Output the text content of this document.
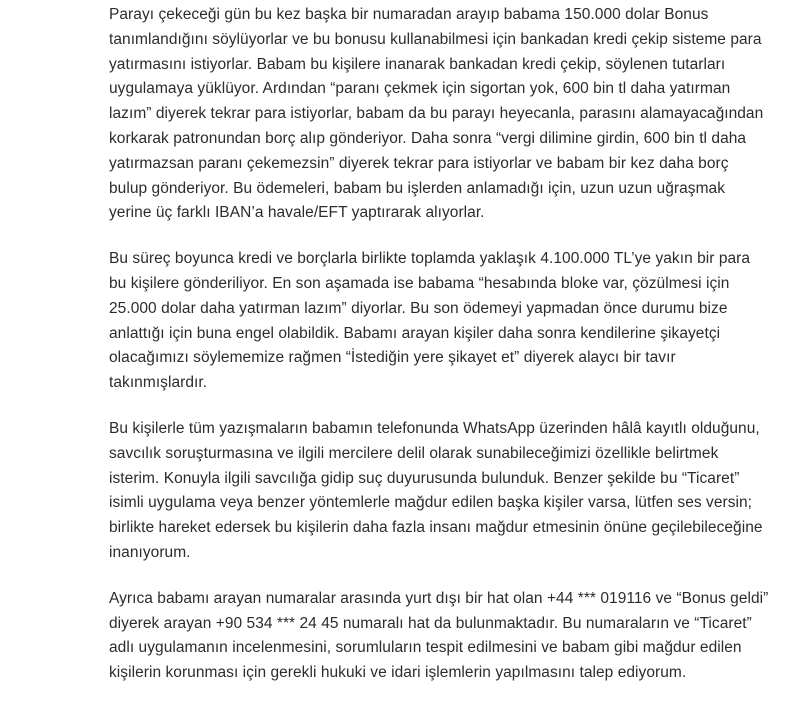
Parayı çekeceği gün bu kez başka bir numaradan arayıp babama 150.000 dolar Bonus tanımlandığını söylüyorlar ve bu bonusu kullanabilmesi için bankadan kredi çekip sisteme para yatırmasını istiyorlar. Babam bu kişilere inanarak bankadan kredi çekip, söylenen tutarları uygulamaya yüklüyor. Ardından “paranı çekmek için sigortan yok, 600 bin tl daha yatırman lazım” diyerek tekrar para istiyorlar, babam da bu parayı heyecanla, parasını alamayacağından korkarak patronundan borç alıp gönderiyor. Daha sonra “vergi dilimine girdin, 600 bin tl daha yatırmazsan paranı çekemezsin” diyerek tekrar para istiyorlar ve babam bir kez daha borç bulup gönderiyor. Bu ödemeleri, babam bu işlerden anlamadığı için, uzun uzun uğraşmak yerine üç farklı IBAN’a havale/EFT yaptırarak alıyorlar.

Bu süreç boyunca kredi ve borçlarla birlikte toplamda yaklaşık 4.100.000 TL’ye yakın bir para bu kişilere gönderiliyor. En son aşamada ise babama “hesabında bloke var, çözülmesi için 25.000 dolar daha yatırman lazım” diyorlar. Bu son ödemeyi yapmadan önce durumu bize anlattığı için buna engel olabildik. Babamı arayan kişiler daha sonra kendilerine şikayetçi olacağımızı söylememize rağmen “İstediğin yere şikayet et” diyerek alaycı bir tavır takınmışlardır.

Bu kişilerle tüm yazışmaların babamın telefonunda WhatsApp üzerinden hâlâ kayıtlı olduğunu, savcılık soruşturmasına ve ilgili mercilere delil olarak sunabileceğimizi özellikle belirtmek isterim. Konuyla ilgili savcılığa gidip suç duyurusunda bulunduk. Benzer şekilde bu “Ticaret” isimli uygulama veya benzer yöntemlerle mağdur edilen başka kişiler varsa, lütfen ses versin; birlikte hareket edersek bu kişilerin daha fazla insanı mağdur etmesinin önüne geçilebileceğine inanıyorum.

Ayrıca babamı arayan numaralar arasında yurt dışı bir hat olan +44 *** 019116 ve “Bonus geldi” diyerek arayan +90 534 *** 24 45 numaralı hat da bulunmaktadır. Bu numaraların ve “Ticaret” adlı uygulamanın incelenmesini, sorumluların tespit edilmesini ve babam gibi mağdur edilen kişilerin korunması için gerekli hukuki ve idari işlemlerin yapılmasını talep ediyorum.
